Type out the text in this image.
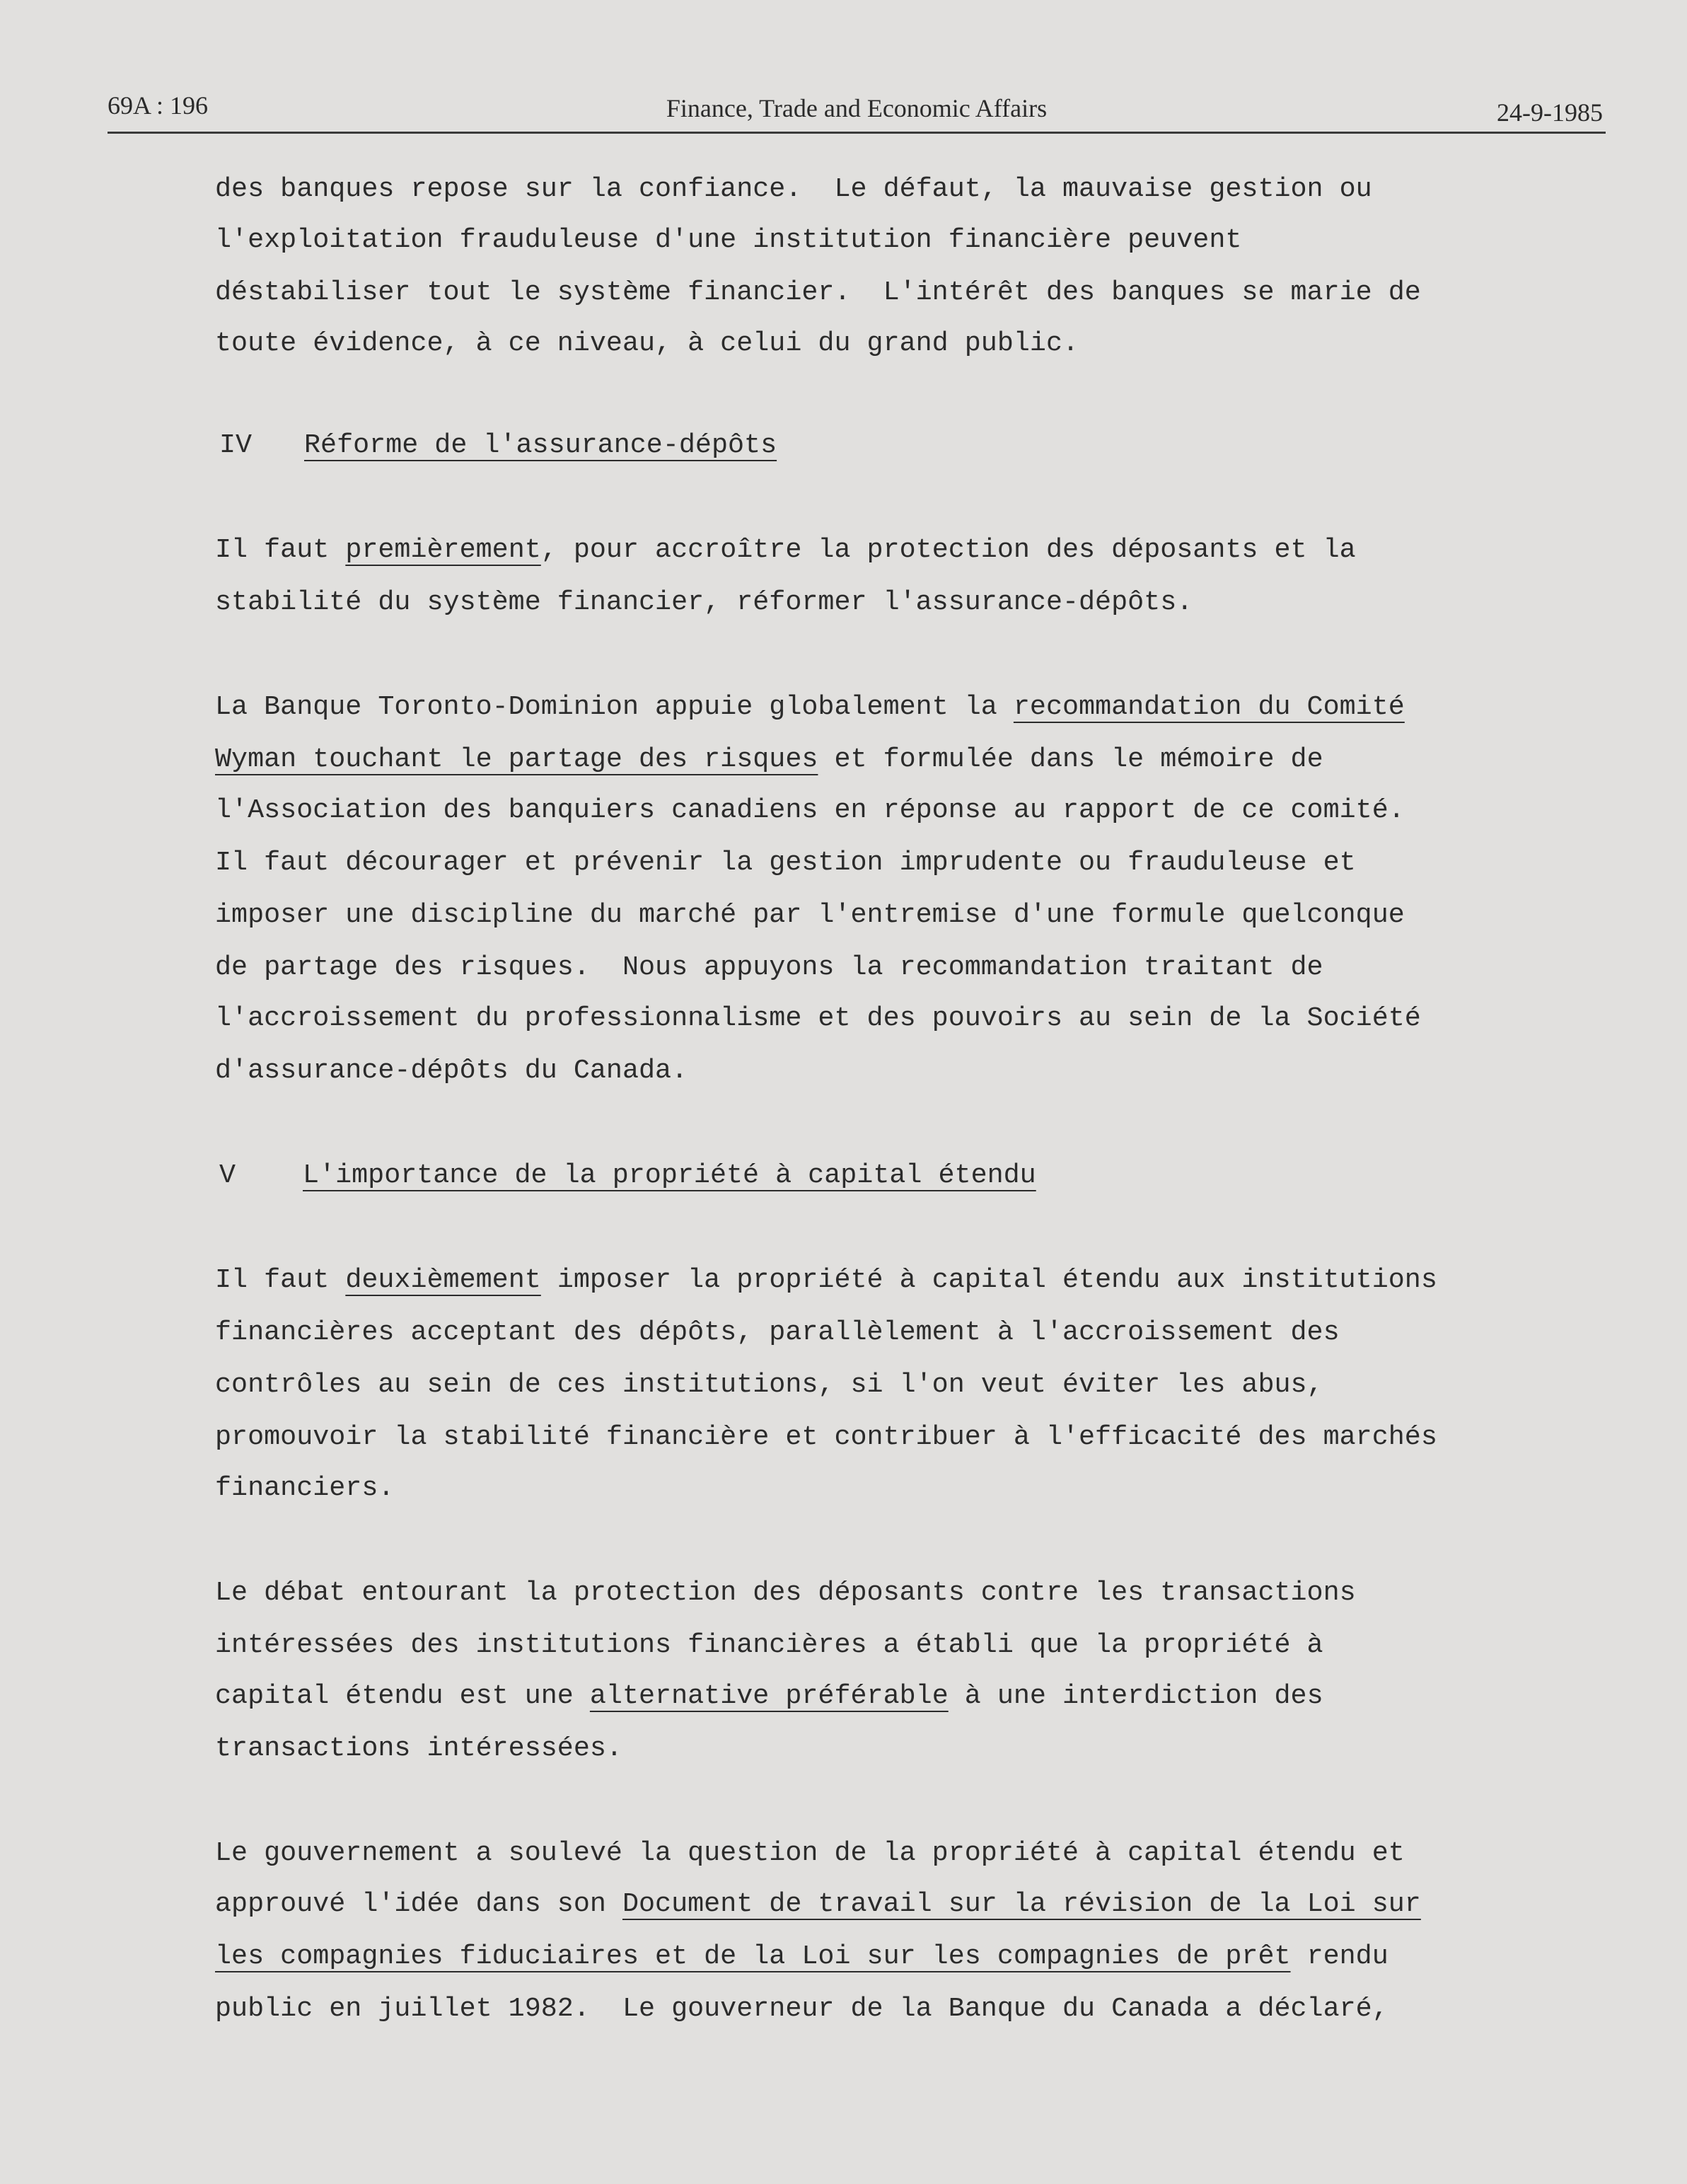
69A : 196	Finance, Trade and Economic Affairs	24-9-1985
des banques repose sur la confiance.  Le défaut, la mauvaise gestion ou
l'exploitation frauduleuse d'une institution financière peuvent
déstabiliser tout le système financier.  L'intérêt des banques se marie de
toute évidence, à ce niveau, à celui du grand public.
IV Réforme de l'assurance-dépôts
Il faut premièrement, pour accroître la protection des déposants et la
stabilité du système financier, réformer l'assurance-dépôts.
La Banque Toronto-Dominion appuie globalement la recommandation du Comité
Wyman touchant le partage des risques et formulée dans le mémoire de
l'Association des banquiers canadiens en réponse au rapport de ce comité.
Il faut décourager et prévenir la gestion imprudente ou frauduleuse et
imposer une discipline du marché par l'entremise d'une formule quelconque
de partage des risques.  Nous appuyons la recommandation traitant de
l'accroissement du professionnalisme et des pouvoirs au sein de la Société
d'assurance-dépôts du Canada.
V L'importance de la propriété à capital étendu
Il faut deuxièmement imposer la propriété à capital étendu aux institutions
financières acceptant des dépôts, parallèlement à l'accroissement des
contrôles au sein de ces institutions, si l'on veut éviter les abus,
promouvoir la stabilité financière et contribuer à l'efficacité des marchés
financiers.
Le débat entourant la protection des déposants contre les transactions
intéressées des institutions financières a établi que la propriété à
capital étendu est une alternative préférable à une interdiction des
transactions intéressées.
Le gouvernement a soulevé la question de la propriété à capital étendu et
approuvé l'idée dans son Document de travail sur la révision de la Loi sur
les compagnies fiduciaires et de la Loi sur les compagnies de prêt rendu
public en juillet 1982.  Le gouverneur de la Banque du Canada a déclaré,
